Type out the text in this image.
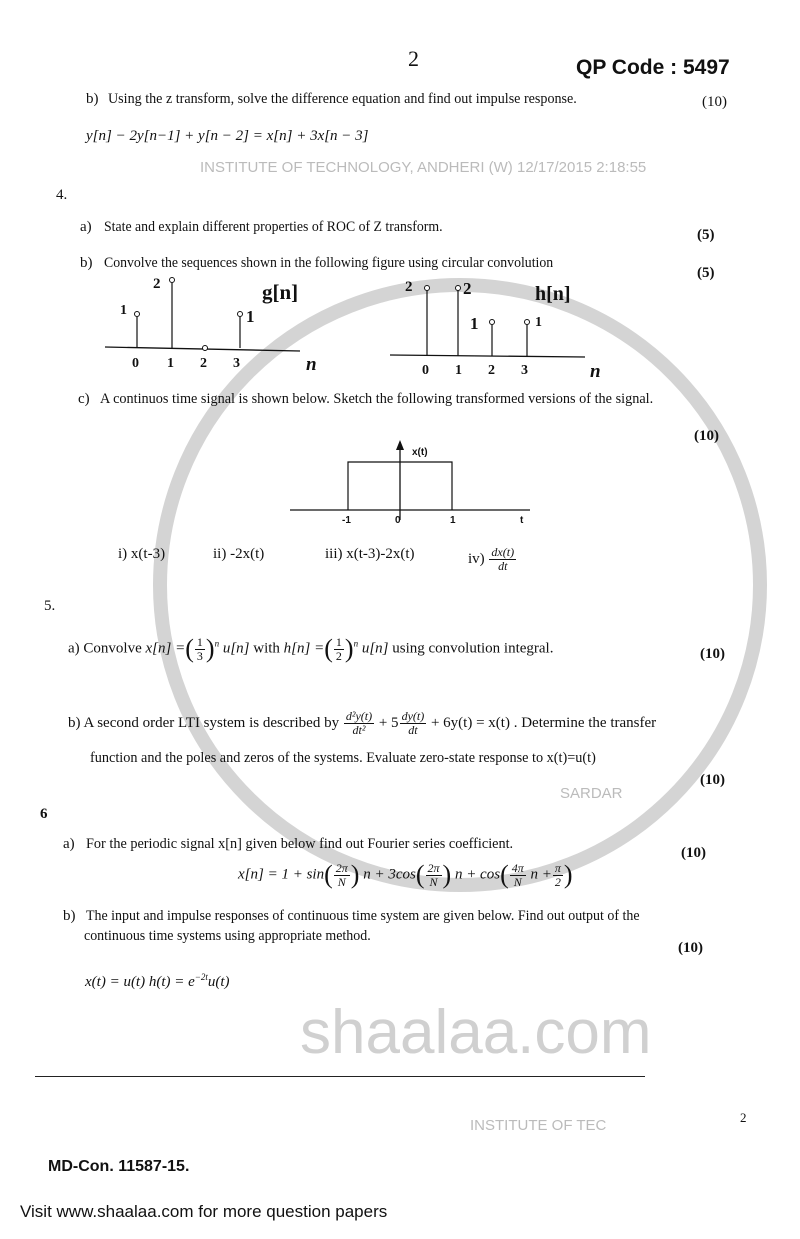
shaalaa.com
INSTITUTE OF TECHNOLOGY, ANDHERI (W) 12/17/2015 2:18:55
SARDAR
INSTITUTE OF TEC
2	QP Code : 5497
b) Using the z transform, solve the difference equation and find out impulse response.	(10)
y[n] − 2y[n−1] + y[n − 2] = x[n] + 3x[n − 3]
4.
a) State and explain different properties of ROC of Z transform.	(5)
b) Convolve the sequences shown in the following figure using circular convolution
(5)
g[n]	h[n]
1
2
1
2	2
1	1
0 1 2 3	n	0 1 2 3	n
c) A continuos time signal is shown below. Sketch the following transformed versions of the signal.
(10)
x(t)
-1	0	1	t
i) x(t-3)	ii) -2x(t)	iii) x(t-3)-2x(t)	$iv) \frac{dx(t)}{dt}$
5.
a) Convolve x[n] =( $\frac{1}{3} )^n$ u[n] with h[n] =( $\frac{1}{2} )^n$ u[n] using convolution integral.	(10)
b) A second order LTI system is described by $\frac{\text{d²y(t)}}{\text{dt²}} + 5 \frac{dy(t)}{dt} + 6y(t) = x(t)$ . Determine the transfer
function and the poles and zeros of the systems. Evaluate zero-state response to x(t)=u(t)
(10)
6
a) For the periodic signal x[n] given below find out Fourier series coefficient.
(10)
$x[n] = 1 + \sin( \frac{2\pi}{N}$ ) $n + 3\cos( \frac{2\pi}{N}$ ) $n + \cos( \frac{4\pi}{N}$ $n + \frac{\pi}{2}$ )
b) The input and impulse responses of continuous time system are given below. Find out output of the
continuous time systems using appropriate method.
(10)
x(t) = u(t) $h(t) = e^{-2t}u(t)$
2
MD-Con. 11587-15.
Visit www.shaalaa.com for more question papers
